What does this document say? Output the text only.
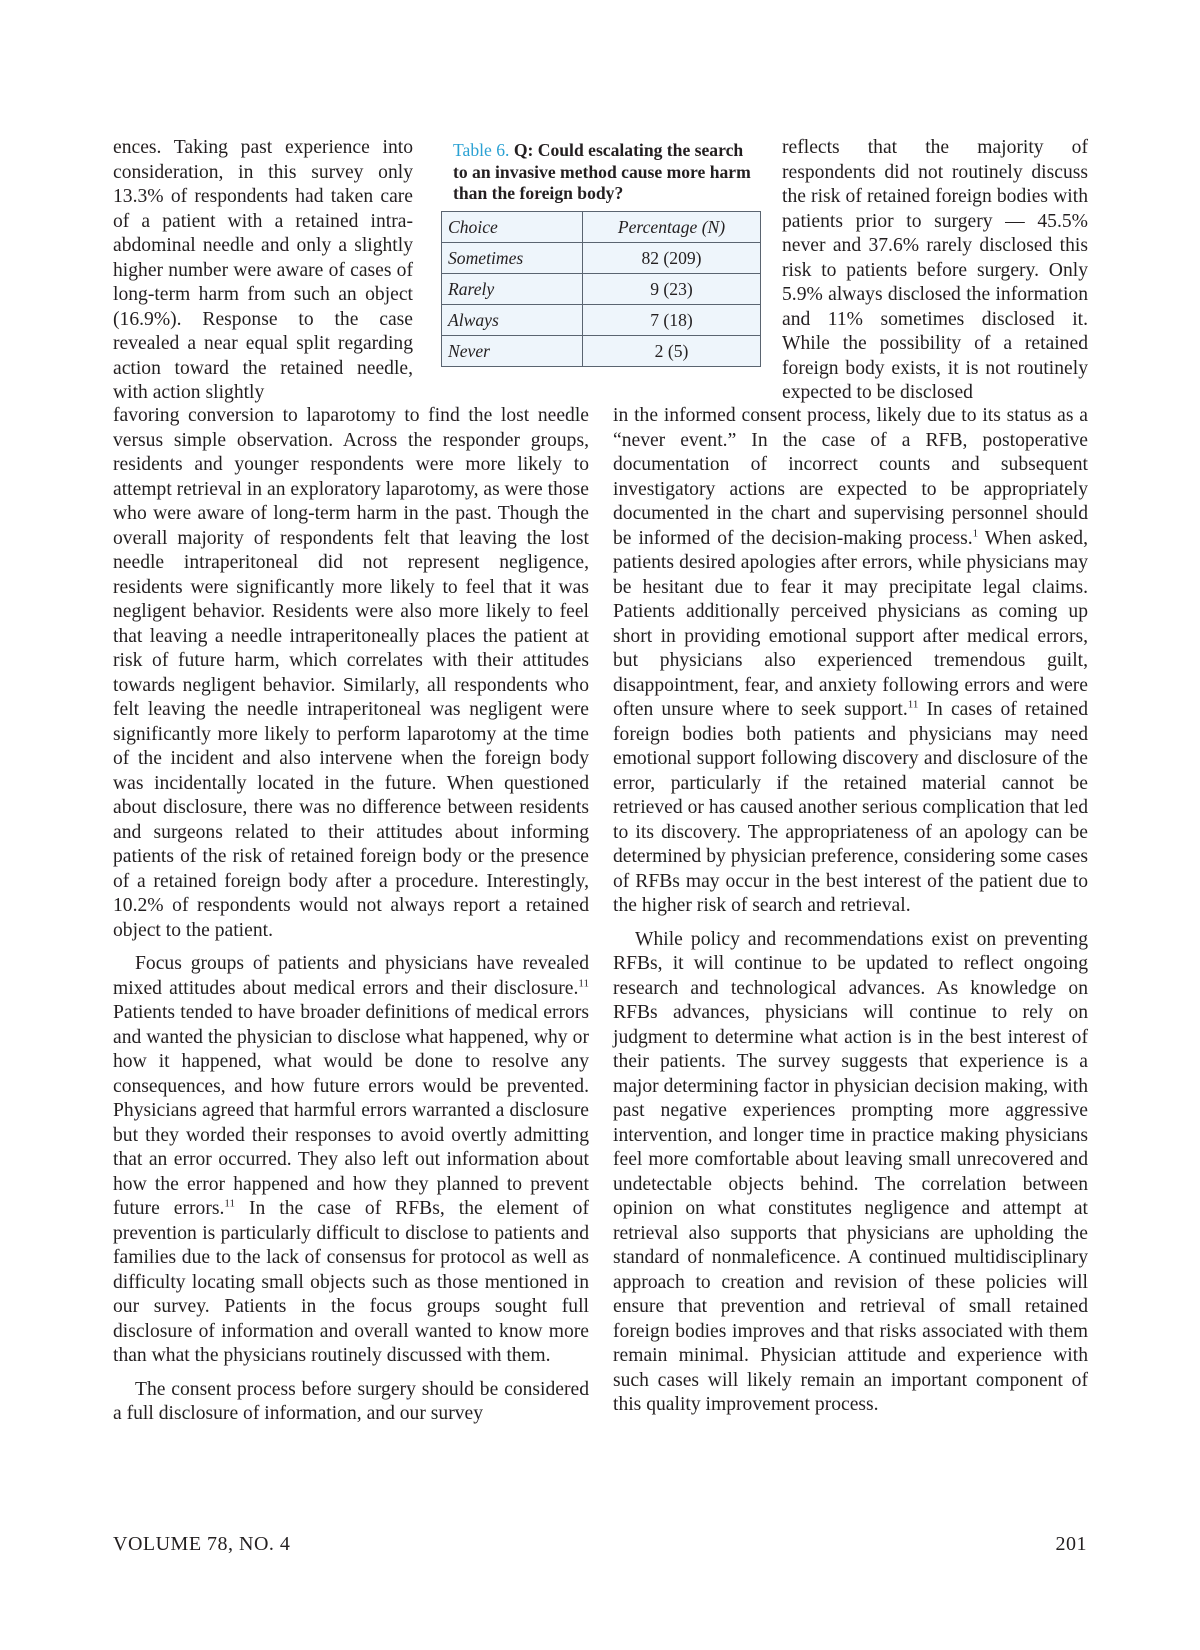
ences. Taking past experience into consideration, in this survey only 13.3% of respondents had taken care of a patient with a retained intra-abdominal needle and only a slightly higher number were aware of cases of long-term harm from such an object (16.9%). Response to the case revealed a near equal split regarding action toward the retained needle, with action slightly

Table 6. Q: Could escalating the search to an invasive method cause more harm than the foreign body?
Choice	Percentage (N)
Sometimes	82 (209)
Rarely	9 (23)
Always	7 (18)
Never	2 (5)

reflects that the majority of respondents did not routinely discuss the risk of retained foreign bodies with patients prior to surgery — 45.5% never and 37.6% rarely disclosed this risk to patients before surgery. Only 5.9% always disclosed the information and 11% sometimes disclosed it. While the possibility of a retained foreign body exists, it is not routinely expected to be disclosed

favoring conversion to laparotomy to find the lost needle versus simple observation. Across the responder groups, residents and younger respondents were more likely to attempt retrieval in an exploratory laparotomy, as were those who were aware of long-term harm in the past. Though the overall majority of respondents felt that leaving the lost needle intraperitoneal did not represent negligence, residents were significantly more likely to feel that it was negligent behavior. Residents were also more likely to feel that leaving a needle intraperitoneally places the patient at risk of future harm, which correlates with their attitudes towards negligent behavior. Similarly, all respondents who felt leaving the needle intraperitoneal was negligent were significantly more likely to perform laparotomy at the time of the incident and also intervene when the foreign body was incidentally located in the future. When questioned about disclosure, there was no difference between residents and surgeons related to their attitudes about informing patients of the risk of retained foreign body or the presence of a retained foreign body after a procedure. Interestingly, 10.2% of respondents would not always report a retained object to the patient.

Focus groups of patients and physicians have revealed mixed attitudes about medical errors and their disclosure.$^{11}$ Patients tended to have broader definitions of medical errors and wanted the physician to disclose what happened, why or how it happened, what would be done to resolve any consequences, and how future errors would be prevented. Physicians agreed that harmful errors warranted a disclosure but they worded their responses to avoid overtly admitting that an error occurred. They also left out information about how the error happened and how they planned to prevent future errors.$^{11}$ In the case of RFBs, the element of prevention is particularly difficult to disclose to patients and families due to the lack of consensus for protocol as well as difficulty locating small objects such as those mentioned in our survey. Patients in the focus groups sought full disclosure of information and overall wanted to know more than what the physicians routinely discussed with them.

The consent process before surgery should be considered a full disclosure of information, and our survey

in the informed consent process, likely due to its status as a “never event.” In the case of a RFB, postoperative documentation of incorrect counts and subsequent investigatory actions are expected to be appropriately documented in the chart and supervising personnel should be informed of the decision-making process.$^1$ When asked, patients desired apologies after errors, while physicians may be hesitant due to fear it may precipitate legal claims. Patients additionally perceived physicians as coming up short in providing emotional support after medical errors, but physicians also experienced tremendous guilt, disappointment, fear, and anxiety following errors and were often unsure where to seek support.$^{11}$ In cases of retained foreign bodies both patients and physicians may need emotional support following discovery and disclosure of the error, particularly if the retained material cannot be retrieved or has caused another serious complication that led to its discovery. The appropriateness of an apology can be determined by physician preference, considering some cases of RFBs may occur in the best interest of the patient due to the higher risk of search and retrieval.

While policy and recommendations exist on preventing RFBs, it will continue to be updated to reflect ongoing research and technological advances. As knowledge on RFBs advances, physicians will continue to rely on judgment to determine what action is in the best interest of their patients. The survey suggests that experience is a major determining factor in physician decision making, with past negative experiences prompting more aggressive intervention, and longer time in practice making physicians feel more comfortable about leaving small unrecovered and undetectable objects behind. The correlation between opinion on what constitutes negligence and attempt at retrieval also supports that physicians are upholding the standard of nonmaleficence. A continued multidisciplinary approach to creation and revision of these policies will ensure that prevention and retrieval of small retained foreign bodies improves and that risks associated with them remain minimal. Physician attitude and experience with such cases will likely remain an important component of this quality improvement process.

VOLUME 78, NO. 4	201
